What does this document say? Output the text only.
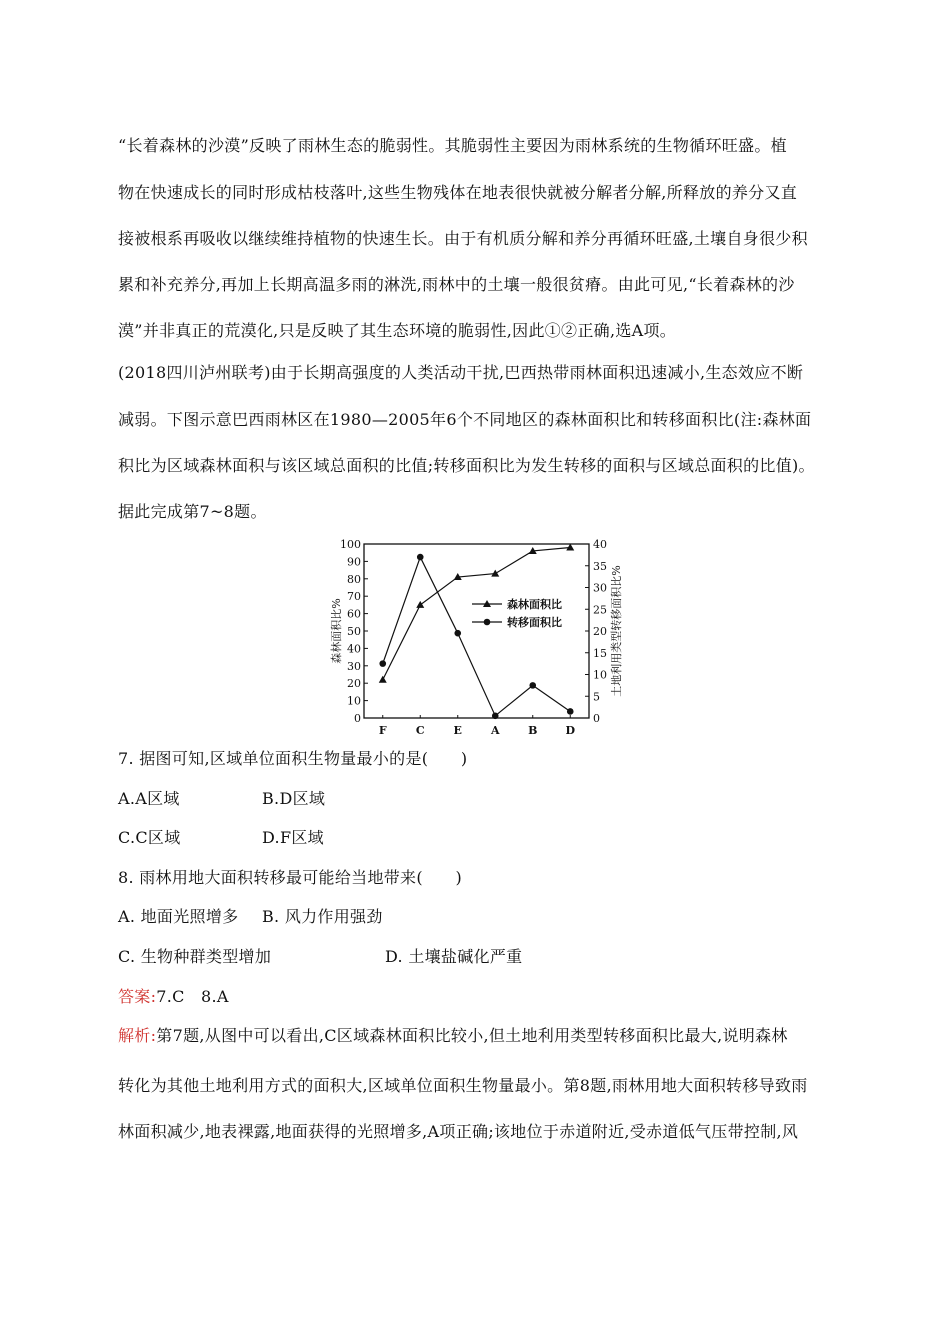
“长着森林的沙漠”反映了雨林生态的脆弱性。其脆弱性主要因为雨林系统的生物循环旺盛。植
物在快速成长的同时形成枯枝落叶,这些生物残体在地表很快就被分解者分解,所释放的养分又直
接被根系再吸收以继续维持植物的快速生长。由于有机质分解和养分再循环旺盛,土壤自身很少积
累和补充养分,再加上长期高温多雨的淋洗,雨林中的土壤一般很贫瘠。由此可见,“长着森林的沙
漠”并非真正的荒漠化,只是反映了其生态环境的脆弱性,因此①②正确,选A项。
(2018四川泸州联考)由于长期高强度的人类活动干扰,巴西热带雨林面积迅速减小,生态效应不断
减弱。下图示意巴西雨林区在1980—2005年6个不同地区的森林面积比和转移面积比(注:森林面
积比为区域森林面积与该区域总面积的比值;转移面积比为发生转移的面积与区域总面积的比值)。
据此完成第7~8题。
0
10
20
30
40
50
60
70
80
90
100
0
5
10
15
20
25
30
35
40
F	C	E	A	B	D
森林面积比%	土地利用类型转移面积比%
森林面积比
转移面积比
7. 据图可知,区域单位面积生物量最小的是(　　)
A.A区域	B.D区域
C.C区域	D.F区域
8. 雨林用地大面积转移最可能给当地带来(　　)
A. 地面光照增多 B. 风力作用强劲
C. 生物种群类型增加	D. 土壤盐碱化严重
答案:7.C　8.A
解析:第7题,从图中可以看出,C区域森林面积比较小,但土地利用类型转移面积比最大,说明森林
转化为其他土地利用方式的面积大,区域单位面积生物量最小。第8题,雨林用地大面积转移导致雨
林面积减少,地表裸露,地面获得的光照增多,A项正确;该地位于赤道附近,受赤道低气压带控制,风
